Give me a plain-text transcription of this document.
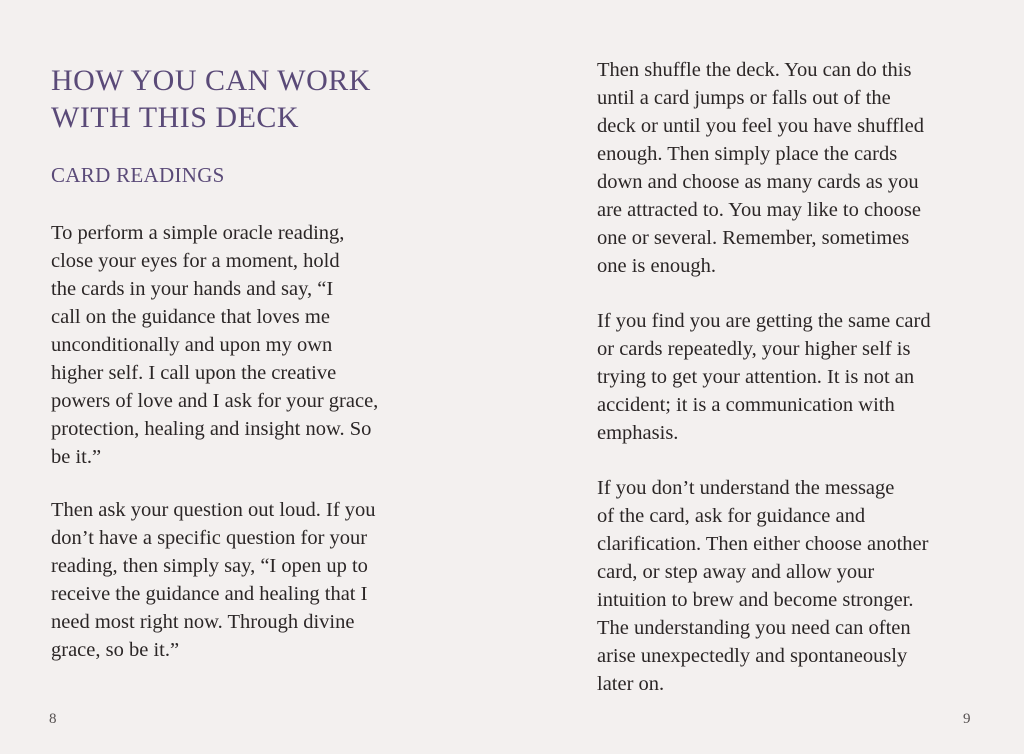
HOW YOU CAN WORK
WITH THIS DECK
CARD READINGS

To perform a simple oracle reading,
close your eyes for a moment, hold
the cards in your hands and say, “I
call on the guidance that loves me
unconditionally and upon my own
higher self. I call upon the creative
powers of love and I ask for your grace,
protection, healing and insight now. So
be it.”

Then ask your question out loud. If you
don’t have a specific question for your
reading, then simply say, “I open up to
receive the guidance and healing that I
need most right now. Through divine
grace, so be it.”

8

Then shuffle the deck. You can do this
until a card jumps or falls out of the
deck or until you feel you have shuffled
enough. Then simply place the cards
down and choose as many cards as you
are attracted to. You may like to choose
one or several. Remember, sometimes
one is enough.

If you find you are getting the same card
or cards repeatedly, your higher self is
trying to get your attention. It is not an
accident; it is a communication with
emphasis.

If you don’t understand the message
of the card, ask for guidance and
clarification. Then either choose another
card, or step away and allow your
intuition to brew and become stronger.
The understanding you need can often
arise unexpectedly and spontaneously
later on.

9
